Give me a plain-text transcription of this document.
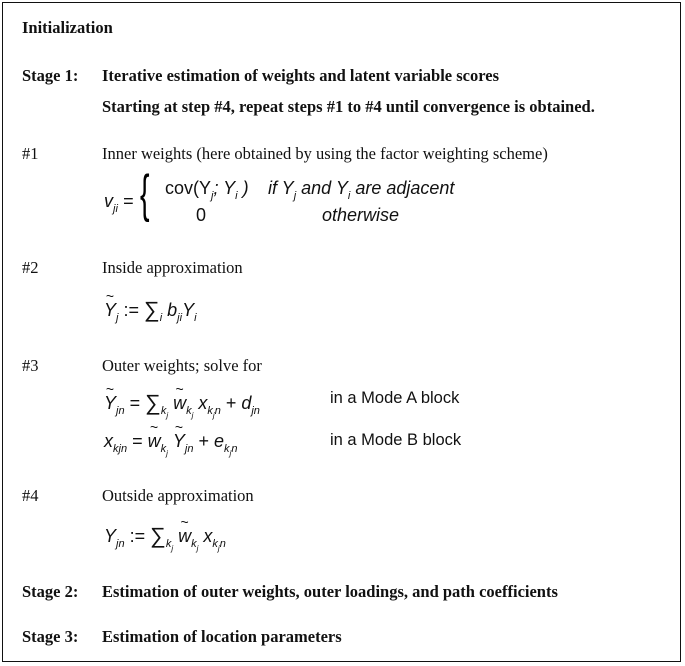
Initialization
Stage 1: Iterative estimation of weights and latent variable scores
Starting at step #4, repeat steps #1 to #4 until convergence is obtained.
#1	Inner weights (here obtained by using the factor weighting scheme)
$v_{ji}$ = { $cov(Y_j$; $Y_i$ ) if $Y_j$ and $Y_i$ are adjacent
0	otherwise
#2	Inside approximation
~ $Y_j$ := $\sum_i$ $b_{ji}Y_i$
#3	Outer weights; solve for
~ $Y_{jn} = \sum_{k_j}$ ~ $w_{k_j}$ $x_{k_jn} + d_{jn}$
in a Mode A block
$x_{kjn}$ = ~ $w_{k_j}$ ~ $Y_{jn} + e_{k_jn}$	in a Mode B block
#4	Outside approximation
$Y_{jn}$ := $\sum_{k_j}$ ~ $w_{k_j}$ $x_{k_jn}$
Stage 2: Estimation of outer weights, outer loadings, and path coefficients
Stage 3: Estimation of location parameters
